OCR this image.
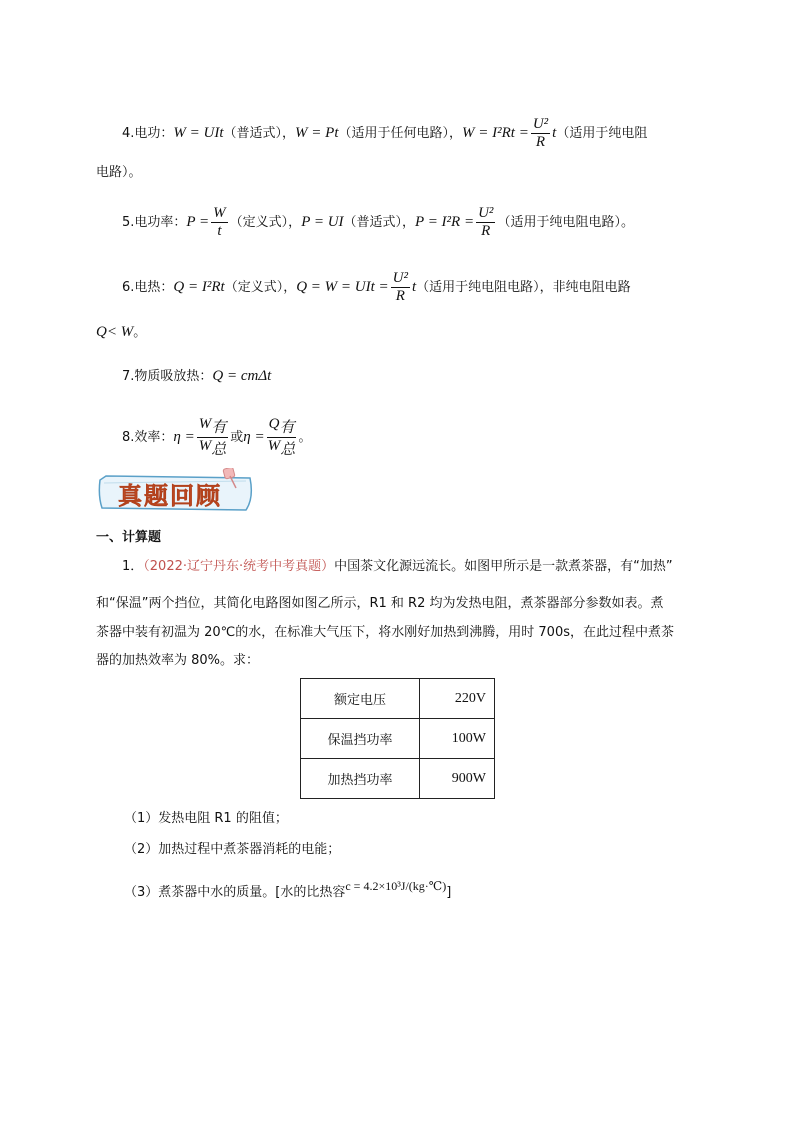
4.电功：W = UIt（普适式），W = Pt（适用于任何电路），$W = I^2Rt = \frac{\text{U²}}{R} t$（适用于纯电阻
电路）。
5.电功率：$P = \frac{W}{t}$ （定义式），P = UI（普适式），$P = I^2R = \frac{\text{U²}}{R}$ （适用于纯电阻电路）。
6.电热：Q = I²Rt（定义式），Q = W = UIt = $\frac{\text{U²}}{R} t$（适用于纯电阻电路），非纯电阻电路
Q< W。
7.物质吸放热：Q = cmΔt
8.效率：$\eta = \frac{W_有}{W_总}$ 或$\eta = \frac{Q_有}{W_总}$ 。
真题回顾
一、计算题
1．（2022·辽宁丹东·统考中考真题）中国茶文化源远流长。如图甲所示是一款煮茶器，有“加热”
和“保温”两个挡位，其简化电路图如图乙所示，R1 和 R2 均为发热电阻，煮茶器部分参数如表。煮
茶器中装有初温为 20℃的水，在标准大气压下，将水刚好加热到沸腾，用时 700s，在此过程中煮茶
器的加热效率为 80%。求：
额定电压	220V
保温挡功率	100W
加热挡功率	900W
（1）发热电阻 R1 的阻值；
（2）加热过程中煮茶器消耗的电能；
（3）煮茶器中水的质量。[水的比热容c = 4.2×10³J/(kg·℃)]
